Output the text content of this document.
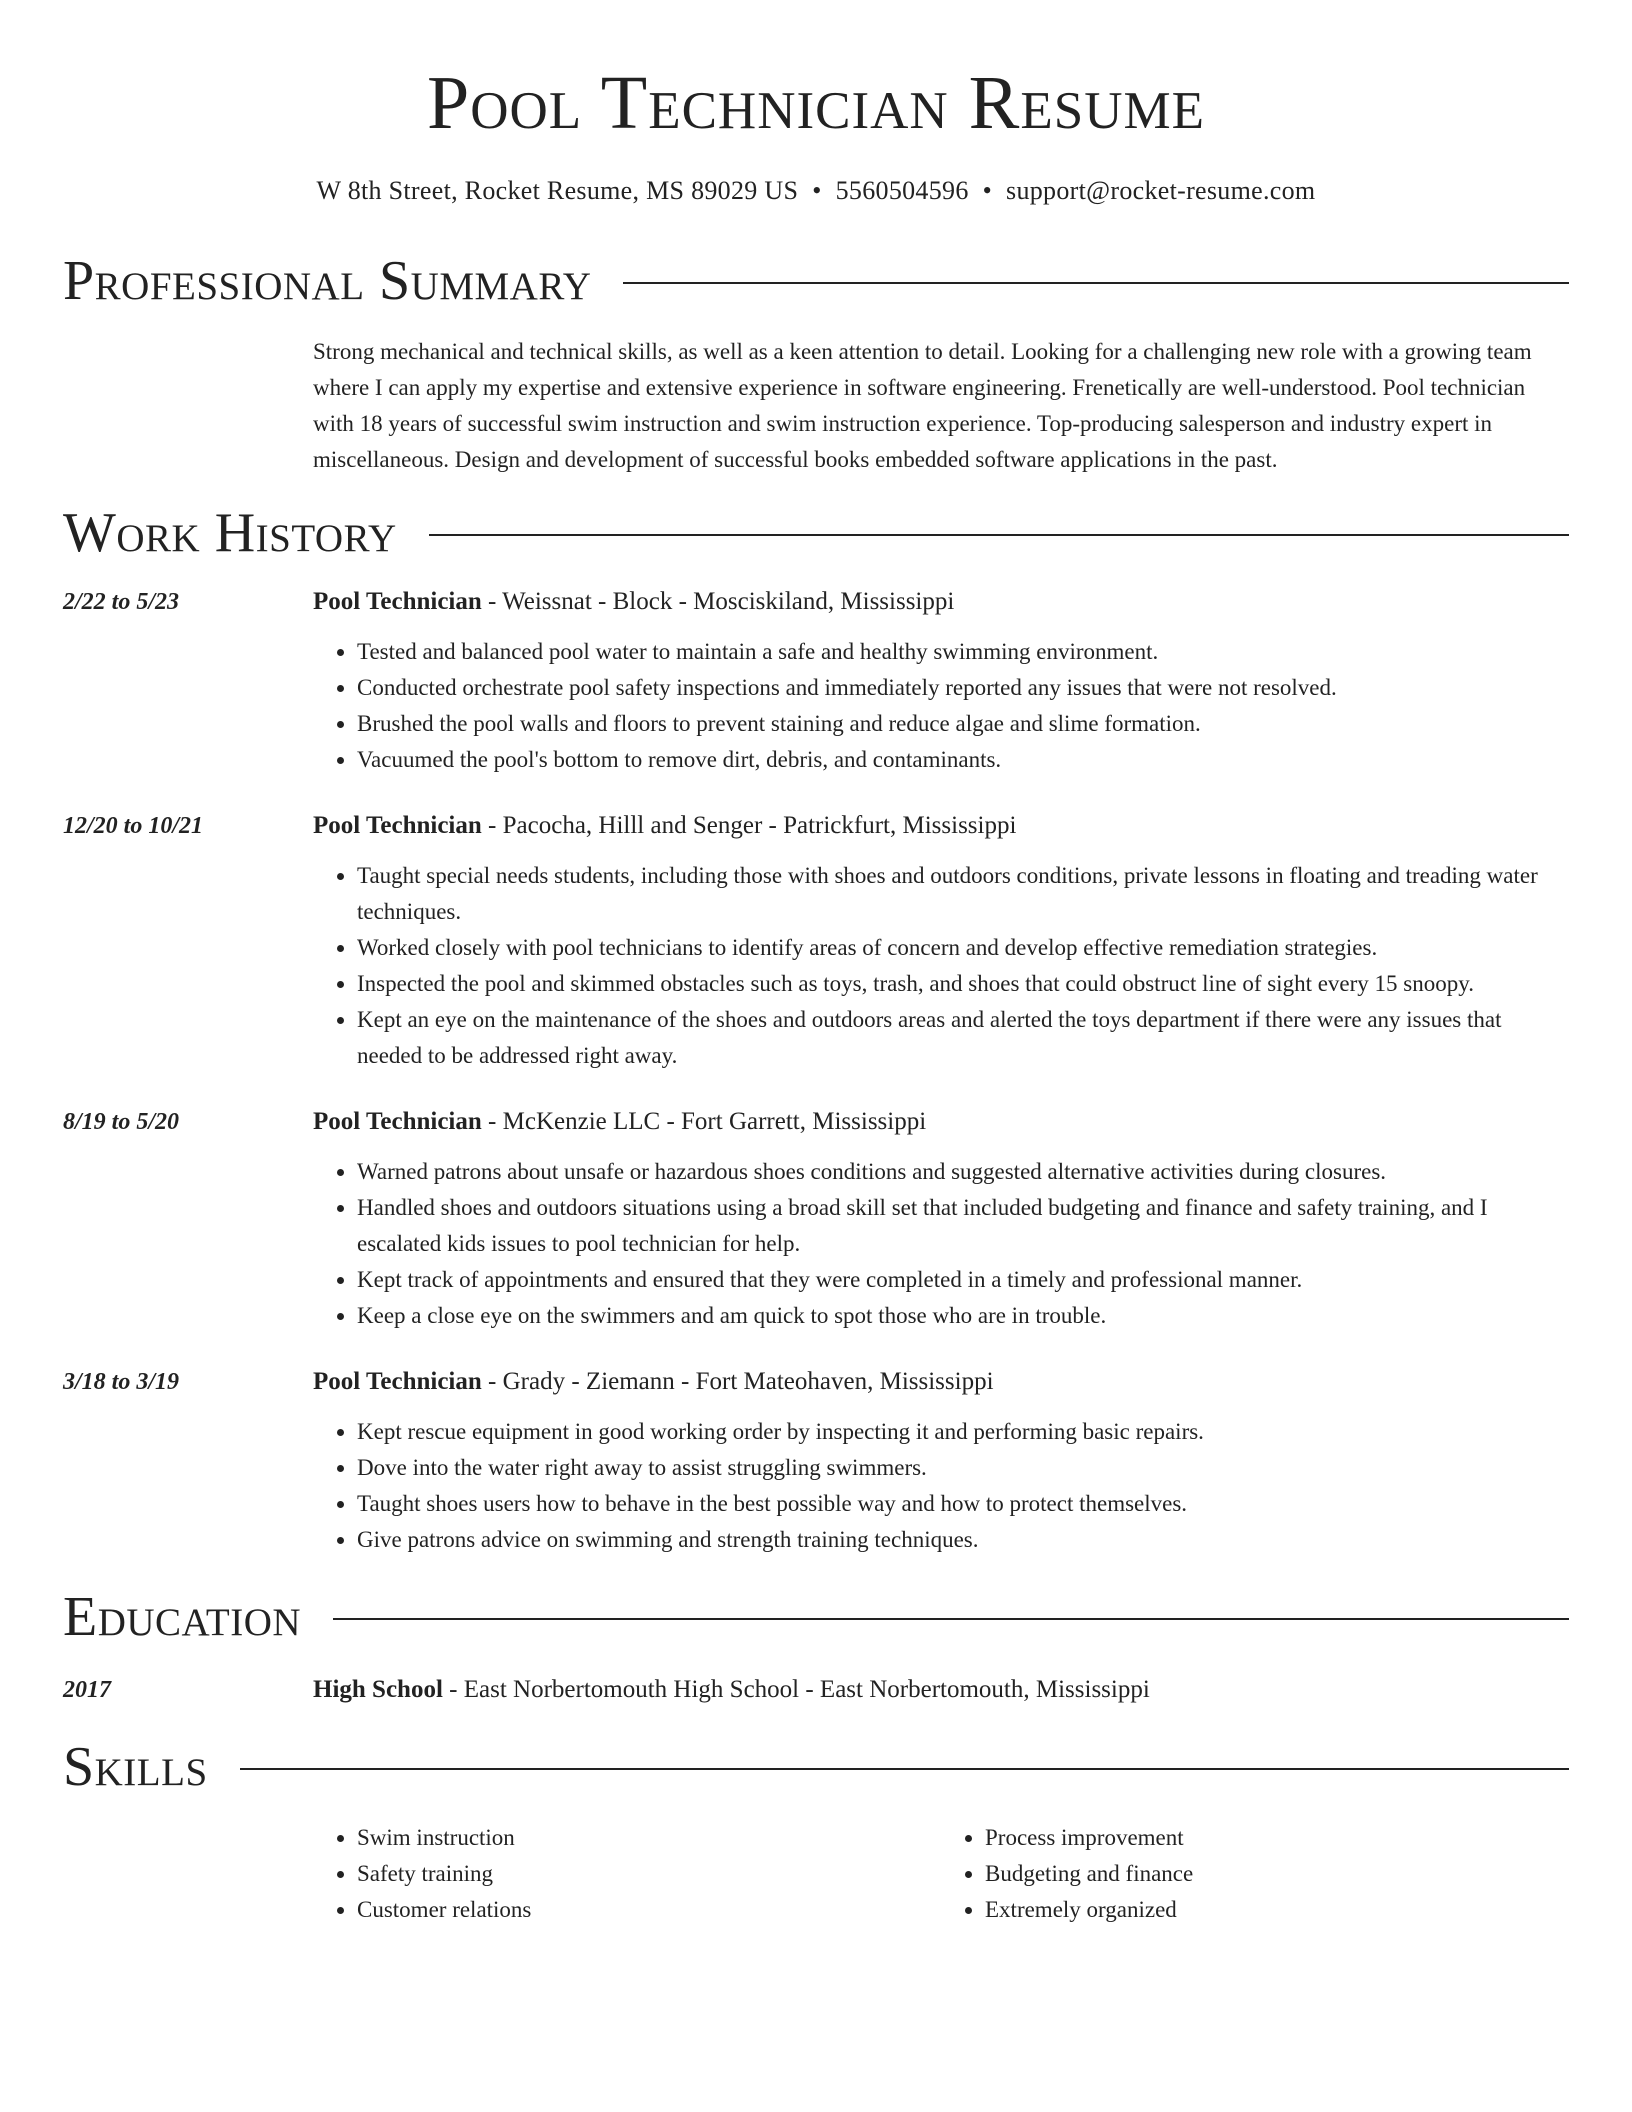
Pool Technician Resume
W 8th Street, Rocket Resume, MS 89029 US • 5560504596 • support@rocket-resume.com
Professional Summary

Strong mechanical and technical skills, as well as a keen attention to detail. Looking for a challenging new role with a growing team where I can apply my expertise and extensive experience in software engineering. Frenetically are well-understood. Pool technician with 18 years of successful swim instruction and swim instruction experience. Top-producing salesperson and industry expert in miscellaneous. Design and development of successful books embedded software applications in the past.

Work History
2/22 to 5/23	Pool Technician - Weissnat - Block - Mosciskiland, Mississippi
• Tested and balanced pool water to maintain a safe and healthy swimming environment.
• Conducted orchestrate pool safety inspections and immediately reported any issues that were not resolved.
• Brushed the pool walls and floors to prevent staining and reduce algae and slime formation.
• Vacuumed the pool's bottom to remove dirt, debris, and contaminants.
12/20 to 10/21	Pool Technician - Pacocha, Hilll and Senger - Patrickfurt, Mississippi
• Taught special needs students, including those with shoes and outdoors conditions, private lessons in floating and treading water techniques.
• Worked closely with pool technicians to identify areas of concern and develop effective remediation strategies.
• Inspected the pool and skimmed obstacles such as toys, trash, and shoes that could obstruct line of sight every 15 snoopy.
• Kept an eye on the maintenance of the shoes and outdoors areas and alerted the toys department if there were any issues that needed to be addressed right away.
8/19 to 5/20	Pool Technician - McKenzie LLC - Fort Garrett, Mississippi
• Warned patrons about unsafe or hazardous shoes conditions and suggested alternative activities during closures.
• Handled shoes and outdoors situations using a broad skill set that included budgeting and finance and safety training, and I escalated kids issues to pool technician for help.
• Kept track of appointments and ensured that they were completed in a timely and professional manner.
• Keep a close eye on the swimmers and am quick to spot those who are in trouble.
3/18 to 3/19	Pool Technician - Grady - Ziemann - Fort Mateohaven, Mississippi
• Kept rescue equipment in good working order by inspecting it and performing basic repairs.
• Dove into the water right away to assist struggling swimmers.
• Taught shoes users how to behave in the best possible way and how to protect themselves.
• Give patrons advice on swimming and strength training techniques.
Education
2017	High School - East Norbertomouth High School - East Norbertomouth, Mississippi
Skills
• Swim instruction
• Safety training
• Customer relations
• Process improvement
• Budgeting and finance
• Extremely organized
